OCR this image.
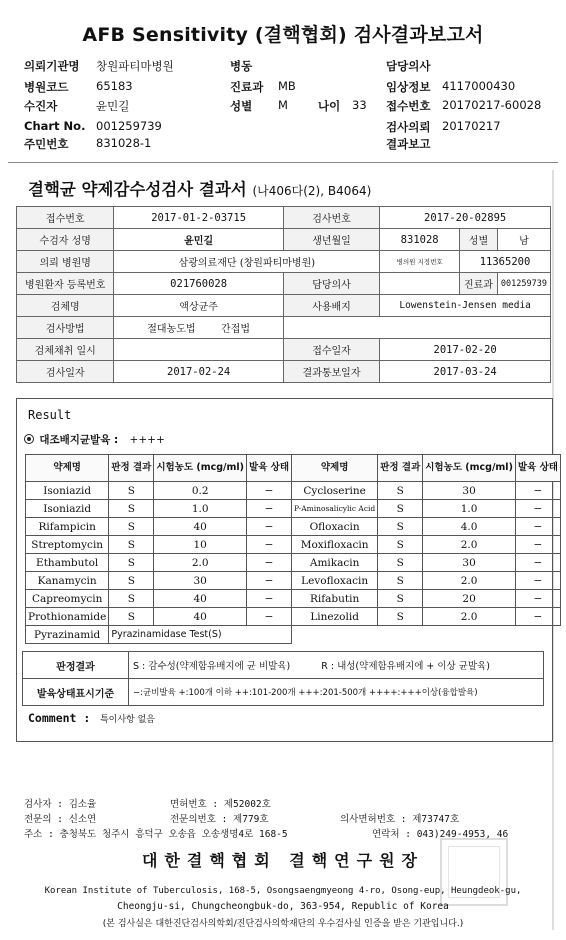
AFB Sensitivity (결핵협회) 검사결과보고서
의뢰기관명 창원파티마병원	병동	담당의사
병원코드 65183	진료과 MB	임상정보 4117000430
수진자	윤민길	성별 M	나이 33 접수번호 20170217-60028
Chart No. 001259739	검사의뢰 20170217
주민번호 831028-1	결과보고
결핵균 약제감수성검사 결과서 (나406다(2), B4064)
접수번호	2017-01-2-03715	검사번호	2017-20-02895		
수검자 성명	윤민길	생년월일	831028	성별	남
의뢰 병원명	삼광의료재단 (창원파티마병원)		병의원 지정번호	11365200	
병원환자 등록번호	021760028	담당의사		진료과	001259739
검체명	액상균주	사용배지	Lowenstein-Jensen media		
검사방법	절대농도법 간접법				
검체채취 일시		접수일자	2017-02-20		
검사일자	2017-02-24	결과통보일자	2017-03-24		
Result
대조배지균발육 : ++++
약제명	판정 결과	시험농도 (mcg/ml)	발육 상태	약제명	판정 결과	시험농도 (mcg/ml)	발육 상태
Isoniazid	S	0.2	−	Cycloserine	S	30	−
Isoniazid	S	1.0	−	P-Aminosalicylic Acid	S	1.0	−
Rifampicin	S	40	−	Ofloxacin	S	4.0	−
Streptomycin	S	10	−	Moxifloxacin	S	2.0	−
Ethambutol	S	2.0	−	Amikacin	S	30	−
Kanamycin	S	30	−	Levofloxacin	S	2.0	−
Capreomycin	S	40	−	Rifabutin	S	20	−
Prothionamide	S	40	−	Linezolid	S	2.0	−
Pyrazinamid	Pyrazinamidase Test(S)						
판정결과	S : 감수성(약제함유배지에 균 비발육) R : 내성(약제함유배지에 + 이상 균발육)
발육상태표시기준	−:균비발육 +:100개 이하 ++:101-200개 +++:201-500개 ++++:+++이상(융합발육)
Comment : 특이사항 없음
검사자 : 김소율	면허번호 : 제52002호
전문의 : 신소연	전문의번호 : 제779호	의사면허번호 : 제73747호
주소 : 충청북도 청주시 흥덕구 오송읍 오송생명4로 168-5	연락처 : 043)249-4953, 46
대한결핵협회 결핵연구원장
Korean Institute of Tuberculosis, 168-5, Osongsaengmyeong 4-ro, Osong-eup, Heungdeok-gu,
Cheongju-si, Chungcheongbuk-do, 363-954, Republic of Korea
(본 검사실은 대한진단검사의학회/진단검사의학재단의 우수검사실 인증을 받은 기관입니다.)
